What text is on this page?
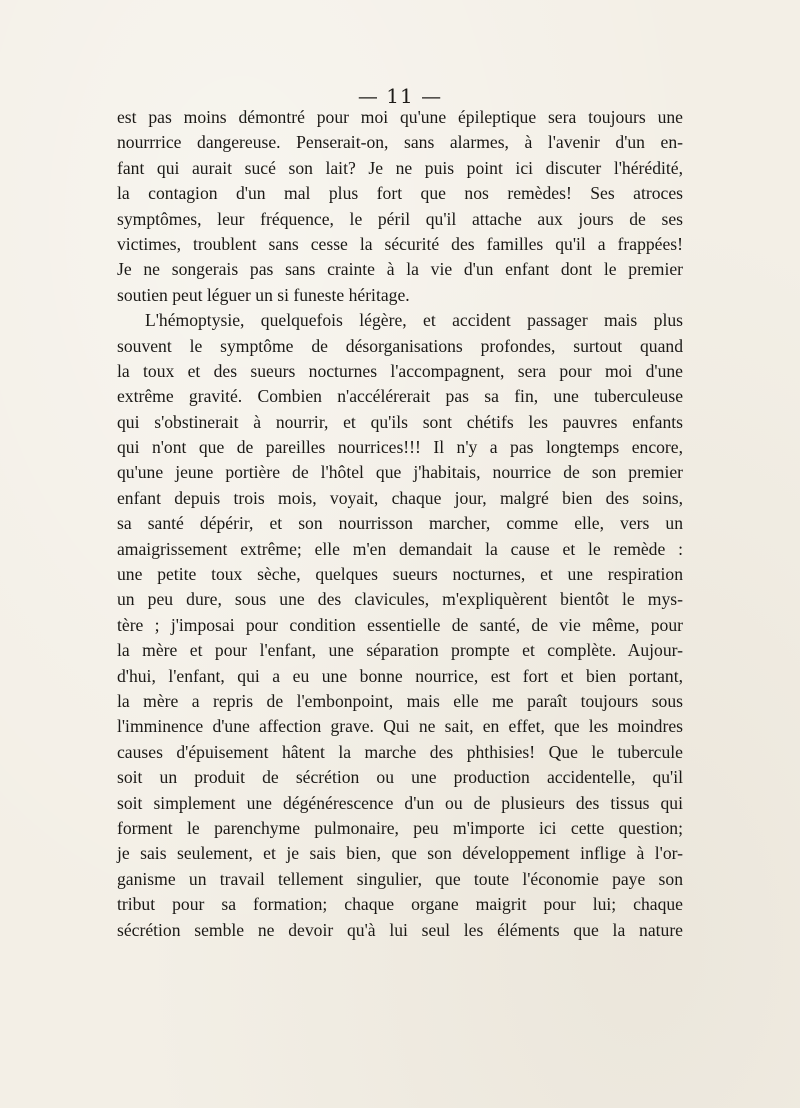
— 11 —
est pas moins démontré pour moi qu'une épileptique sera toujours une
nourrrice dangereuse. Penserait-on, sans alarmes, à l'avenir d'un en-
fant qui aurait sucé son lait? Je ne puis point ici discuter l'hérédité,
la contagion d'un mal plus fort que nos remèdes! Ses atroces
symptômes, leur fréquence, le péril qu'il attache aux jours de ses
victimes, troublent sans cesse la sécurité des familles qu'il a frappées!
Je ne songerais pas sans crainte à la vie d'un enfant dont le premier
soutien peut léguer un si funeste héritage.
L'hémoptysie, quelquefois légère, et accident passager mais plus
souvent le symptôme de désorganisations profondes, surtout quand
la toux et des sueurs nocturnes l'accompagnent, sera pour moi d'une
extrême gravité. Combien n'accélérerait pas sa fin, une tuberculeuse
qui s'obstinerait à nourrir, et qu'ils sont chétifs les pauvres enfants
qui n'ont que de pareilles nourrices!!! Il n'y a pas longtemps encore,
qu'une jeune portière de l'hôtel que j'habitais, nourrice de son premier
enfant depuis trois mois, voyait, chaque jour, malgré bien des soins,
sa santé dépérir, et son nourrisson marcher, comme elle, vers un
amaigrissement extrême; elle m'en demandait la cause et le remède :
une petite toux sèche, quelques sueurs nocturnes, et une respiration
un peu dure, sous une des clavicules, m'expliquèrent bientôt le mys-
tère ; j'imposai pour condition essentielle de santé, de vie même, pour
la mère et pour l'enfant, une séparation prompte et complète. Aujour-
d'hui, l'enfant, qui a eu une bonne nourrice, est fort et bien portant,
la mère a repris de l'embonpoint, mais elle me paraît toujours sous
l'imminence d'une affection grave. Qui ne sait, en effet, que les moindres
causes d'épuisement hâtent la marche des phthisies! Que le tubercule
soit un produit de sécrétion ou une production accidentelle, qu'il
soit simplement une dégénérescence d'un ou de plusieurs des tissus qui
forment le parenchyme pulmonaire, peu m'importe ici cette question;
je sais seulement, et je sais bien, que son développement inflige à l'or-
ganisme un travail tellement singulier, que toute l'économie paye son
tribut pour sa formation; chaque organe maigrit pour lui; chaque
sécrétion semble ne devoir qu'à lui seul les éléments que la nature
